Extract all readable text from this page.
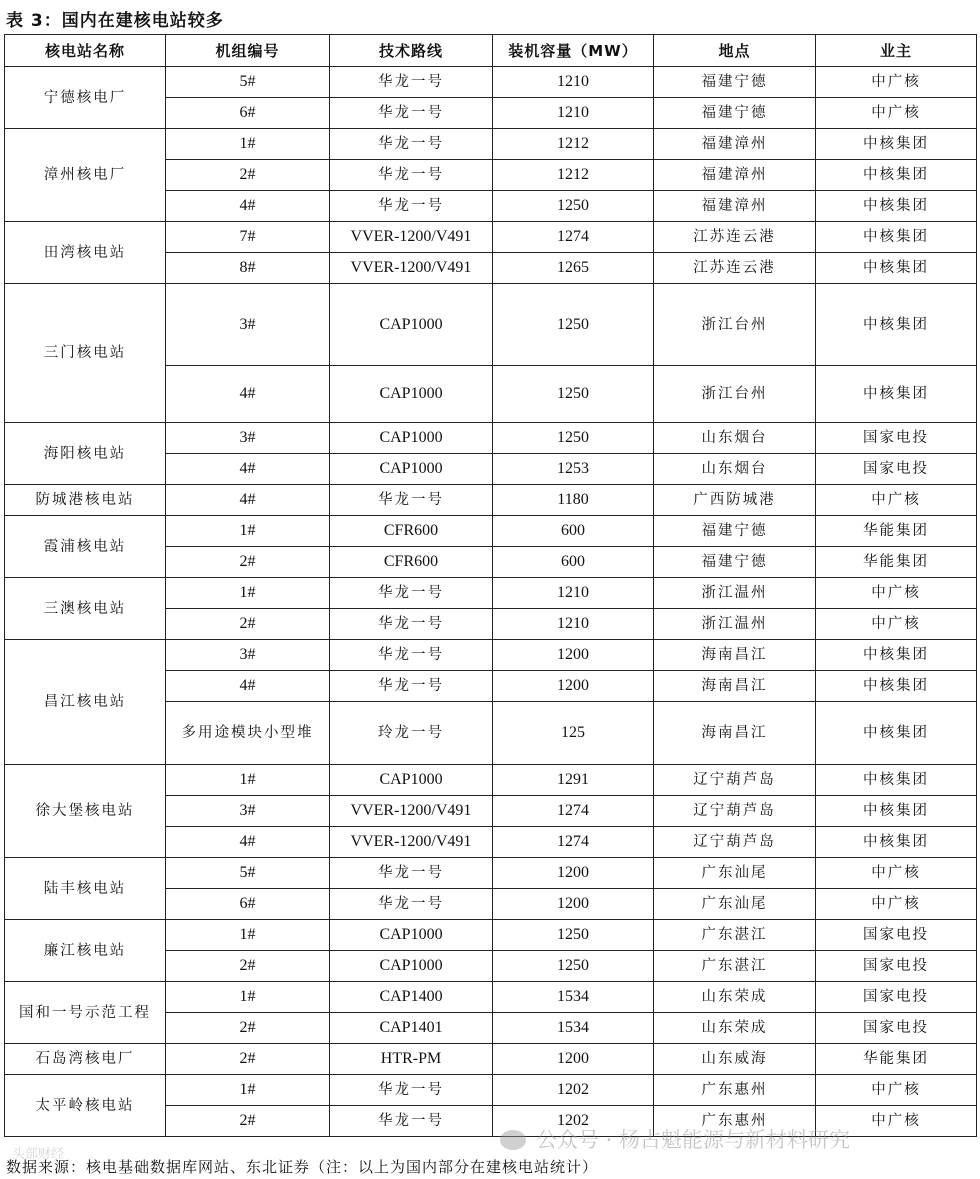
表 3：国内在建核电站较多
核电站名称	机组编号	技术路线	装机容量（MW）	地点	业主
宁德核电厂	5#	华龙一号	1210	福建宁德	中广核
	6#	华龙一号	1210	福建宁德	中广核
漳州核电厂	1#	华龙一号	1212	福建漳州	中核集团
	2#	华龙一号	1212	福建漳州	中核集团
	4#	华龙一号	1250	福建漳州	中核集团
田湾核电站	7#	VVER-1200/V491	1274	江苏连云港	中核集团
	8#	VVER-1200/V491	1265	江苏连云港	中核集团
三门核电站	3#	CAP1000	1250	浙江台州	中核集团
	4#	CAP1000	1250	浙江台州	中核集团
海阳核电站	3#	CAP1000	1250	山东烟台	国家电投
	4#	CAP1000	1253	山东烟台	国家电投
防城港核电站	4#	华龙一号	1180	广西防城港	中广核
霞浦核电站	1#	CFR600	600	福建宁德	华能集团
	2#	CFR600	600	福建宁德	华能集团
三澳核电站	1#	华龙一号	1210	浙江温州	中广核
	2#	华龙一号	1210	浙江温州	中广核
昌江核电站	3#	华龙一号	1200	海南昌江	中核集团
	4#	华龙一号	1200	海南昌江	中核集团
	多用途模块小型堆	玲龙一号	125	海南昌江	中核集团
徐大堡核电站	1#	CAP1000	1291	辽宁葫芦岛	中核集团
	3#	VVER-1200/V491	1274	辽宁葫芦岛	中核集团
	4#	VVER-1200/V491	1274	辽宁葫芦岛	中核集团
陆丰核电站	5#	华龙一号	1200	广东汕尾	中广核
	6#	华龙一号	1200	广东汕尾	中广核
廉江核电站	1#	CAP1000	1250	广东湛江	国家电投
	2#	CAP1000	1250	广东湛江	国家电投
国和一号示范工程	1#	CAP1400	1534	山东荣成	国家电投
	2#	CAP1401	1534	山东荣成	国家电投
石岛湾核电厂	2#	HTR-PM	1200	山东威海	华能集团
太平岭核电站	1#	华龙一号	1202	广东惠州	中广核
	2#	华龙一号	1202	广东惠州	中广核
头部财经
公众号 · 杨占魁能源与新材料研究
数据来源：核电基础数据库网站、东北证券（注：以上为国内部分在建核电站统计）
